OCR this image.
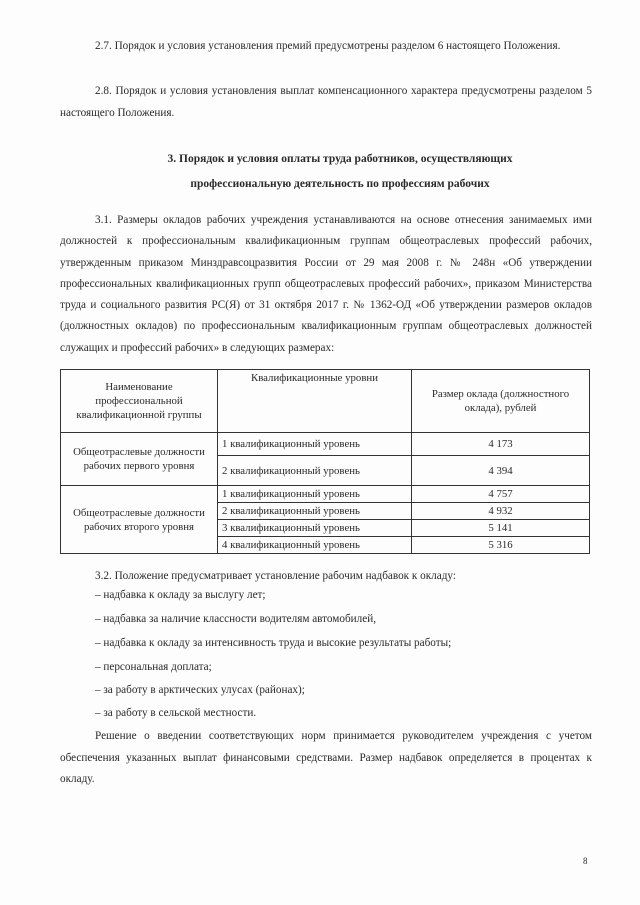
2.7. Порядок и условия установления премий предусмотрены разделом 6 настоящего Положения.

2.8. Порядок и условия установления выплат компенсационного характера предусмотрены разделом 5 настоящего Положения.

3. Порядок и условия оплаты труда работников, осуществляющих

профессиональную деятельность по профессиям рабочих

3.1. Размеры окладов рабочих учреждения устанавливаются на основе отнесения занимаемых ими должностей к профессиональным квалификационным группам общеотраслевых профессий рабочих, утвержденным приказом Минздравсоцразвития России от 29 мая 2008 г. № 248н «Об утверждении профессиональных квалификационных групп общеотраслевых профессий рабочих», приказом Министерства труда и социального развития РС(Я) от 31 октября 2017 г. № 1362-ОД «Об утверждении размеров окладов (должностных окладов) по профессиональным квалификационным группам общеотраслевых должностей служащих и профессий рабочих» в следующих размерах:

Наименование профессиональной квалификационной группы	Квалификационные уровни	Размер оклада (должностного оклада), рублей
Общеотраслевые должности рабочих первого уровня	1 квалификационный уровень	4 173
	2 квалификационный уровень	4 394
Общеотраслевые должности рабочих второго уровня	1 квалификационный уровень	4 757
	2 квалификационный уровень	4 932
	3 квалификационный уровень	5 141
	4 квалификационный уровень	5 316

3.2. Положение предусматривает установление рабочим надбавок к окладу:

– надбавка к окладу за выслугу лет;

– надбавка за наличие классности водителям автомобилей,

– надбавка к окладу за интенсивность труда и высокие результаты работы;

– персональная доплата;

– за работу в арктических улусах (районах);

– за работу в сельской местности.

Решение о введении соответствующих норм принимается руководителем учреждения с учетом обеспечения указанных выплат финансовыми средствами. Размер надбавок определяется в процентах к окладу.

8
